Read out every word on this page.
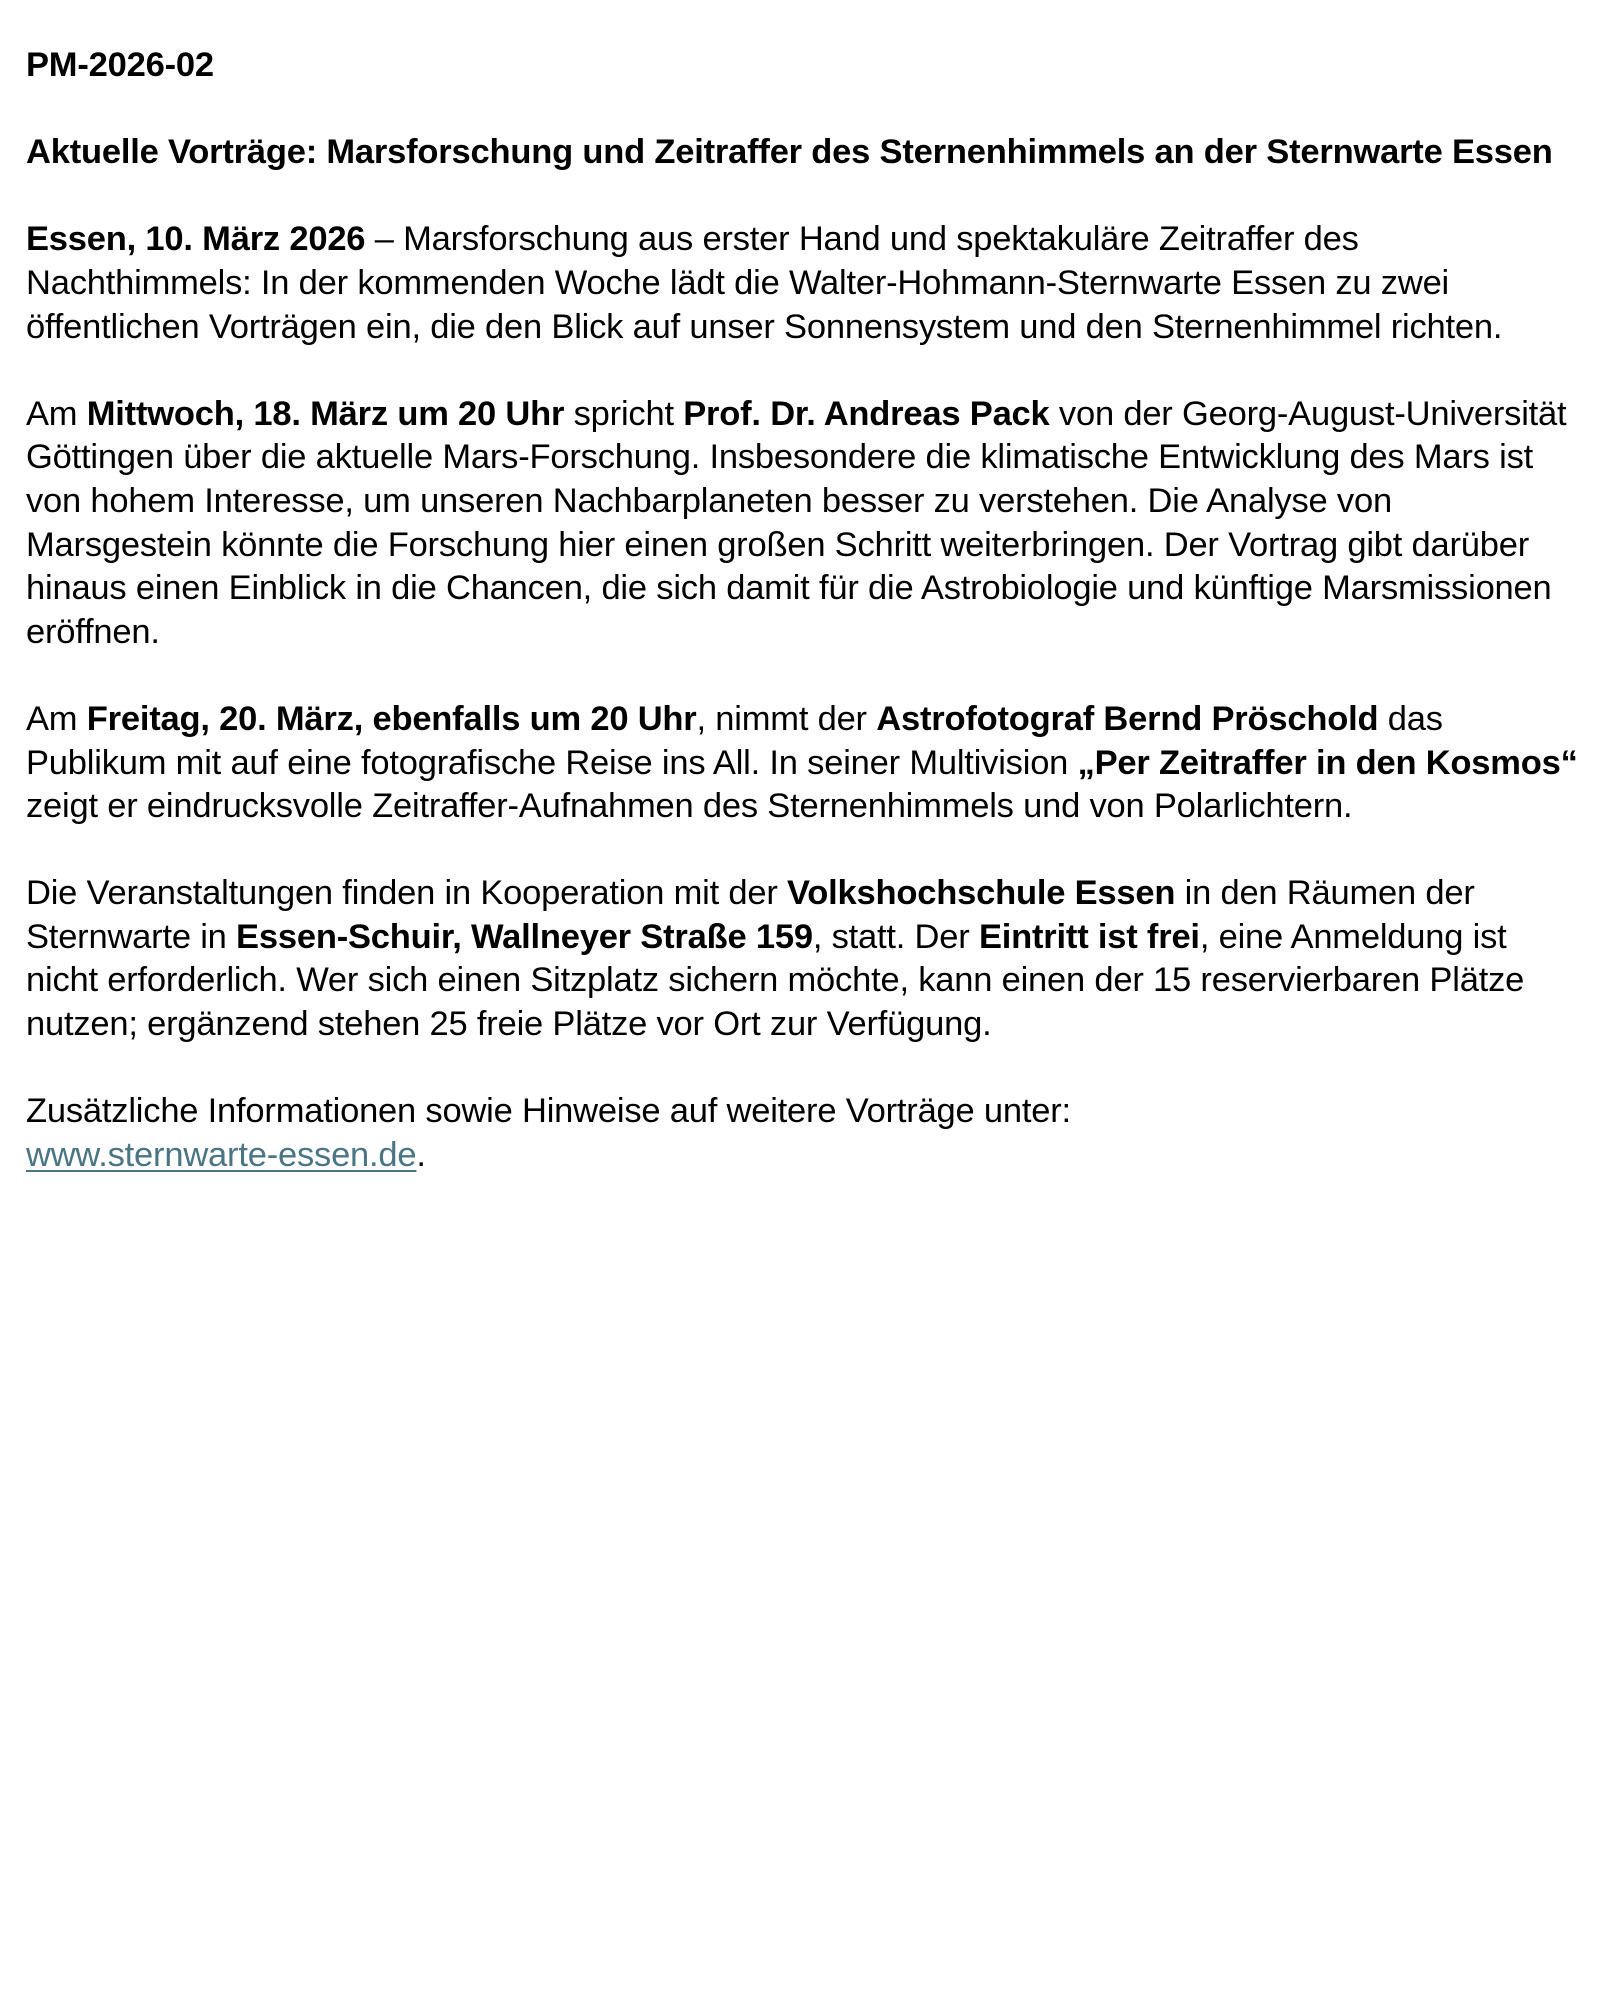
PM-2026-02

Aktuelle Vorträge: Marsforschung und Zeitraffer des Sternenhimmels an der Sternwarte Essen

Essen, 10. März 2026 – Marsforschung aus erster Hand und spektakuläre Zeitraffer des Nachthimmels: In der kommenden Woche lädt die Walter-Hohmann-Sternwarte Essen zu zwei öffentlichen Vorträgen ein, die den Blick auf unser Sonnensystem und den Sternenhimmel richten.

Am Mittwoch, 18. März um 20 Uhr spricht Prof. Dr. Andreas Pack von der Georg-August-Universität Göttingen über die aktuelle Mars-Forschung. Insbesondere die klimatische Entwicklung des Mars ist von hohem Interesse, um unseren Nachbarplaneten besser zu verstehen. Die Analyse von Marsgestein könnte die Forschung hier einen großen Schritt weiterbringen. Der Vortrag gibt darüber hinaus einen Einblick in die Chancen, die sich damit für die Astrobiologie und künftige Marsmissionen eröffnen.

Am Freitag, 20. März, ebenfalls um 20 Uhr, nimmt der Astrofotograf Bernd Pröschold das Publikum mit auf eine fotografische Reise ins All. In seiner Multivision „Per Zeitraffer in den Kosmos“ zeigt er eindrucksvolle Zeitraffer-Aufnahmen des Sternenhimmels und von Polarlichtern.

Die Veranstaltungen finden in Kooperation mit der Volkshochschule Essen in den Räumen der Sternwarte in Essen-Schuir, Wallneyer Straße 159, statt. Der Eintritt ist frei, eine Anmeldung ist nicht erforderlich. Wer sich einen Sitzplatz sichern möchte, kann einen der 15 reservierbaren Plätze nutzen; ergänzend stehen 25 freie Plätze vor Ort zur Verfügung.

Zusätzliche Informationen sowie Hinweise auf weitere Vorträge unter:
www.sternwarte-essen.de.
